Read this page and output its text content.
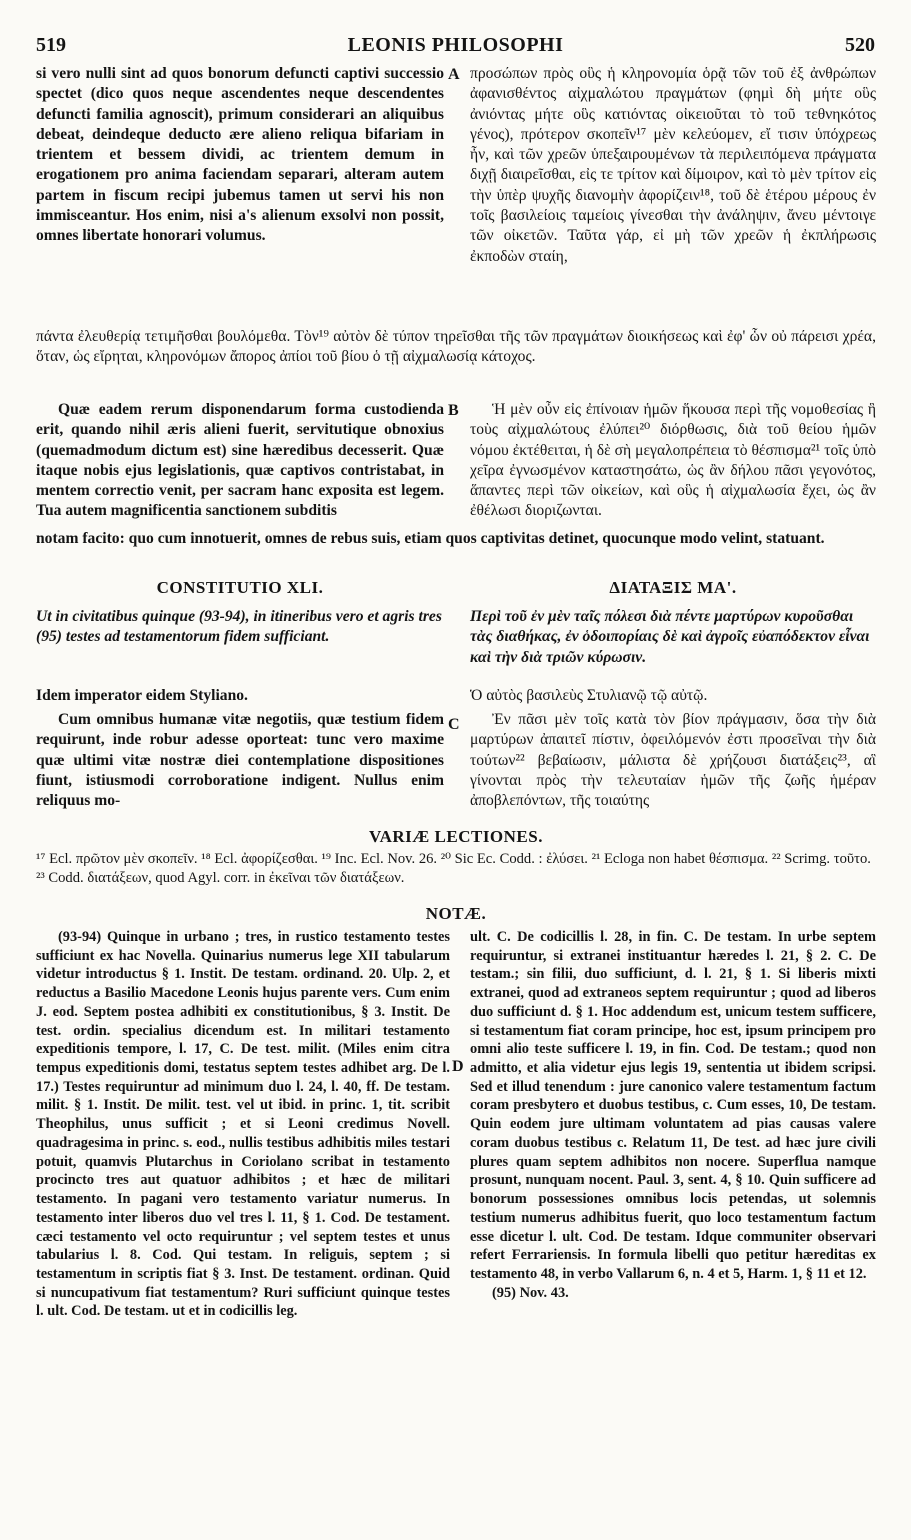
519	LEONIS PHILOSOPHI	520

si vero nulli sint ad quos bonorum defuncti captivi successio spectet (dico quos neque ascendentes neque descendentes defuncti familia agnoscit), primum considerari an aliquibus debeat, deindeque deducto ære alieno reliqua bifariam in trientem et bessem dividi, ac trientem demum in erogationem pro anima faciendam separari, alteram autem partem in fiscum recipi jubemus tamen ut servi his non immisceantur. Hos enim, nisi a's alienum exsolvi non possit, omnes libertate honorari volumus.

A προσώπων πρὸς οὓς ἡ κληρονομία ὁρᾷ τῶν τοῦ ἐξ ἀνθρώπων ἀφανισθέντος αἰχμαλώτου πραγμάτων (φημὶ δὴ μήτε οὓς ἀνιόντας μήτε οὓς κατιόντας οἰκειοῦται τὸ τοῦ τεθνηκότος γένος), πρότερον σκοπεῖν¹⁷ μὲν κελεύομεν, εἴ τισιν ὑπόχρεως ἦν, καὶ τῶν χρεῶν ὑπεξαιρουμένων τὰ περιλειπόμενα πράγματα διχῇ διαιρεῖσθαι, εἰς τε τρίτον καὶ δίμοιρον, καὶ τὸ μὲν τρίτον εἰς τὴν ὑπὲρ ψυχῆς διανομὴν ἀφορίζειν¹⁸, τοῦ δὲ ἑτέρου μέρους ἐν τοῖς βασιλείοις ταμείοις γίνεσθαι τὴν ἀνάληψιν, ἄνευ μέντοιγε τῶν οἰκετῶν. Ταῦτα γάρ, εἰ μὴ τῶν χρεῶν ἡ ἐκπλήρωσις ἐκποδὼν σταίη,

πάντα ἐλευθερίᾳ τετιμῆσθαι βουλόμεθα. Τὸν¹⁹ αὐτὸν δὲ τύπον τηρεῖσθαι τῆς τῶν πραγμάτων διοικήσεως καὶ ἐφ' ὧν οὐ πάρεισι χρέα, ὅταν, ὡς εἴρηται, κληρονόμων ἄπορος ἀπίοι τοῦ βίου ὁ τῇ αἰχμαλωσίᾳ κάτοχος.

Quæ eadem rerum disponendarum forma custodienda erit, quando nihil æris alieni fuerit, servitutique obnoxius (quemadmodum dictum est) sine hæredibus decesserit. Quæ itaque nobis ejus legislationis, quæ captivos contristabat, in mentem correctio venit, per sacram hanc exposita est legem. Tua autem magnificentia sanctionem subditis

B	Ἡ μὲν οὖν εἰς ἐπίνοιαν ἡμῶν ἥκουσα περὶ τῆς νομοθεσίας ἣ τοὺς αἰχμαλώτους ἐλύπει²⁰ διόρθωσις, διὰ τοῦ θείου ἡμῶν νόμου ἐκτέθειται, ἡ δὲ σὴ μεγαλοπρέπεια τὸ θέσπισμα²¹ τοῖς ὑπὸ χεῖρα ἐγνωσμένον καταστησάτω, ὡς ἂν δήλου πᾶσι γεγονότος, ἅπαντες περὶ τῶν οἰκείων, καὶ οὓς ἡ αἰχμαλωσία ἔχει, ὡς ἂν ἐθέλωσι διοριζωνται.

notam facito: quo cum innotuerit, omnes de rebus suis, etiam quos captivitas detinet, quocunque modo velint, statuant.

CONSTITUTIO XLI.	ΔΙΑΤΑΞΙΣ ΜΑ'.
Ut in civitatibus quinque (93-94), in itineribus vero et agris tres (95) testes ad testamentorum fidem sufficiant.
Περὶ τοῦ ἐν μὲν ταῖς πόλεσι διὰ πέντε μαρτύρων κυροῦσθαι τὰς διαθήκας, ἐν ὁδοιπορίαις δὲ καὶ ἀγροῖς εὐαπόδεκτον εἶναι καὶ τὴν διὰ τριῶν κύρωσιν.
Idem imperator eidem Styliano.	Ὁ αὐτὸς βασιλεὺς Στυλιανῷ τῷ αὐτῷ.

Cum omnibus humanæ vitæ negotiis, quæ testium fidem requirunt, inde robur adesse oporteat: tunc vero maxime quæ ultimi vitæ nostræ diei contemplatione dispositiones fiunt, istiusmodi corroboratione indigent. Nullus enim reliquus mo-

C	Ἐν πᾶσι μὲν τοῖς κατὰ τὸν βίον πράγμασιν, ὅσα τὴν διὰ μαρτύρων ἀπαιτεῖ πίστιν, ὀφειλόμενόν ἐστι προσεῖναι τὴν διὰ τούτων²² βεβαίωσιν, μάλιστα δὲ χρήζουσι διατάξεις²³, αἳ γίνονται πρὸς τὴν τελευταίαν ἡμῶν τῆς ζωῆς ἡμέραν ἀποβλεπόντων, τῆς τοιαύτης

VARIÆ LECTIONES.

¹⁷ Ecl. πρῶτον μὲν σκοπεῖν. ¹⁸ Ecl. ἀφορίζεσθαι. ¹⁹ Inc. Ecl. Nov. 26. ²⁰ Sic Ec. Codd. : ἐλύσει. ²¹ Ecloga non habet θέσπισμα. ²² Scrimg. τοῦτο. ²³ Codd. διατάξεων, quod Agyl. corr. in ἐκεῖναι τῶν διατάξεων.

NOTÆ.

(93-94) Quinque in urbano ; tres, in rustico testamento testes sufficiunt ex hac Novella. Quinarius numerus lege XII tabularum videtur introductus § 1. Instit. De testam. ordinand. 20. Ulp. 2, et reductus a Basilio Macedone Leonis hujus parente vers. Cum enim J. eod. Septem postea adhibiti ex constitutionibus, § 3. Instit. De test. ordin. specialius dicendum est. In militari testamento expeditionis tempore, l. 17, C. De test. milit. (Miles enim citra tempus expeditionis domi, testatus septem testes adhibet arg. De l. 17.) Testes requiruntur ad minimum duo l. 24, l. 40, ff. De testam. milit. § 1. Instit. De milit. test. vel ut ibid. in princ. 1, tit. scribit Theophilus, unus sufficit ; et si Leoni credimus Novell. quadragesima in princ. s. eod., nullis testibus adhibitis miles testari potuit, quamvis Plutarchus in Coriolano scribat in testamento procincto tres aut quatuor adhibitos ; et hæc de militari testamento. In pagani vero testamento variatur numerus. In testamento inter liberos duo vel tres l. 11, § 1. Cod. De testament. cæci testamento vel octo requiruntur ; vel septem testes et unus tabularius l. 8. Cod. Qui testam. In religuis, septem ; si testamentum in scriptis fiat § 3. Inst. De testament. ordinan. Quid si nuncupativum fiat testamentum? Ruri sufficiunt quinque testes l. ult. Cod. De testam. ut et in codicillis leg.

D

ult. C. De codicillis l. 28, in fin. C. De testam. In urbe septem requiruntur, si extranei instituantur hæredes l. 21, § 2. C. De testam.; sin filii, duo sufficiunt, d. l. 21, § 1. Si liberis mixti extranei, quod ad extraneos septem requiruntur ; quod ad liberos duo sufficiunt d. § 1. Hoc addendum est, unicum testem sufficere, si testamentum fiat coram principe, hoc est, ipsum principem pro omni alio teste sufficere l. 19, in fin. Cod. De testam.; quod non admitto, et alia videtur ejus legis 19, sententia ut ibidem scripsi. Sed et illud tenendum : jure canonico valere testamentum factum coram presbytero et duobus testibus, c. Cum esses, 10, De testam. Quin eodem jure ultimam voluntatem ad pias causas valere coram duobus testibus c. Relatum 11, De test. ad hæc jure civili plures quam septem adhibitos non nocere. Superflua namque prosunt, nunquam nocent. Paul. 3, sent. 4, § 10. Quin sufficere ad bonorum possessiones omnibus locis petendas, ut solemnis testium numerus adhibitus fuerit, quo loco testamentum factum esse dicetur l. ult. Cod. De testam. Idque communiter observari refert Ferrariensis. In formula libelli quo petitur hæreditas ex testamento 48, in verbo Vallarum 6, n. 4 et 5, Harm. 1, § 11 et 12.

(95) Nov. 43.
